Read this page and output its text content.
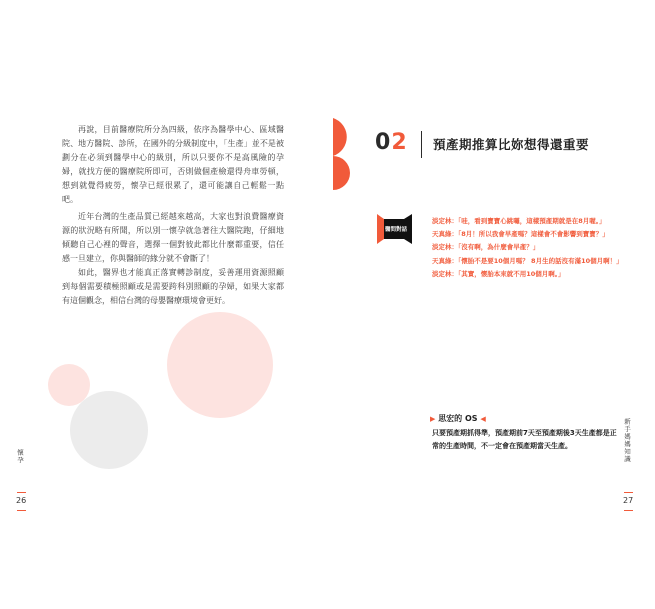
再說，目前醫療院所分為四級，依序為醫學中心、區域醫院、地方醫院、診所，在國外的分級制度中，「生產」並不是被劃分在必須到醫學中心的級別，所以只要你不是高風險的孕婦，就找方便的醫療院所即可，否則做個產檢還得舟車勞頓，想到就覺得疲勞，懷孕已經很累了，還可能讓自己輕鬆一點吧。

近年台灣的生產品質已經越來越高，大家也對浪費醫療資源的狀況略有所聞，所以別一懷孕就急著往大醫院跑，仔細地傾聽自己心裡的聲音，選擇一個對彼此都比什麼都重要，信任感一旦建立，你與醫師的緣分就不會斷了！

如此，醫界也才能真正落實轉診制度，妥善運用資源照顧到每個需要積極照顧或是需要跨科別照顧的孕婦，如果大家都有這個觀念，相信台灣的母嬰醫療環境會更好。

懷孕
26
02 預產期推算比妳想得還重要
醫問對話
淡定林：「哇，看到寶寶心跳囉，這樣預產期就是在8月喔。」
天真綠：「8月！所以我會早產嗎？這樣會不會影響到寶寶？」
淡定林：「沒有啊，為什麼會早產？」
天真綠：「懷胎不是要10個月嗎？ 8月生的話沒有滿10個月啊！」
淡定林：「其實，懷胎本來就不用10個月啊。」
▶ 思宏的 OS ◀

只要預產期抓得準，預產期前7天至預產期後3天生產都是正常的生產時間，不一定會在預產期當天生產。	新手媽媽知識
27
